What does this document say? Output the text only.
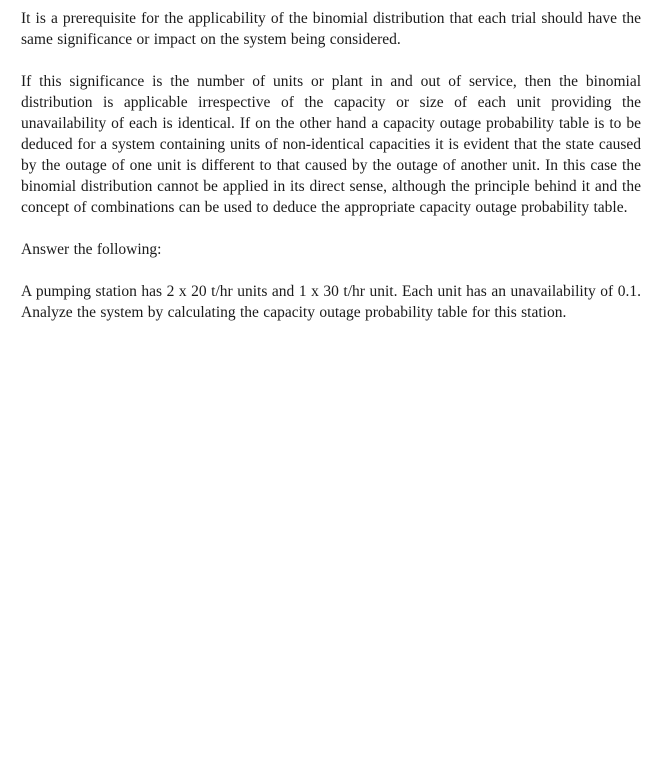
It is a prerequisite for the applicability of the binomial distribution that each trial should have the same significance or impact on the system being considered.

If this significance is the number of units or plant in and out of service, then the binomial distribution is applicable irrespective of the capacity or size of each unit providing the unavailability of each is identical. If on the other hand a capacity outage probability table is to be deduced for a system containing units of non-identical capacities it is evident that the state caused by the outage of one unit is different to that caused by the outage of another unit. In this case the binomial distribution cannot be applied in its direct sense, although the principle behind it and the concept of combinations can be used to deduce the appropriate capacity outage probability table.

Answer the following:

A pumping station has 2 x 20 t/hr units and 1 x 30 t/hr unit. Each unit has an unavailability of 0.1. Analyze the system by calculating the capacity outage probability table for this station.
